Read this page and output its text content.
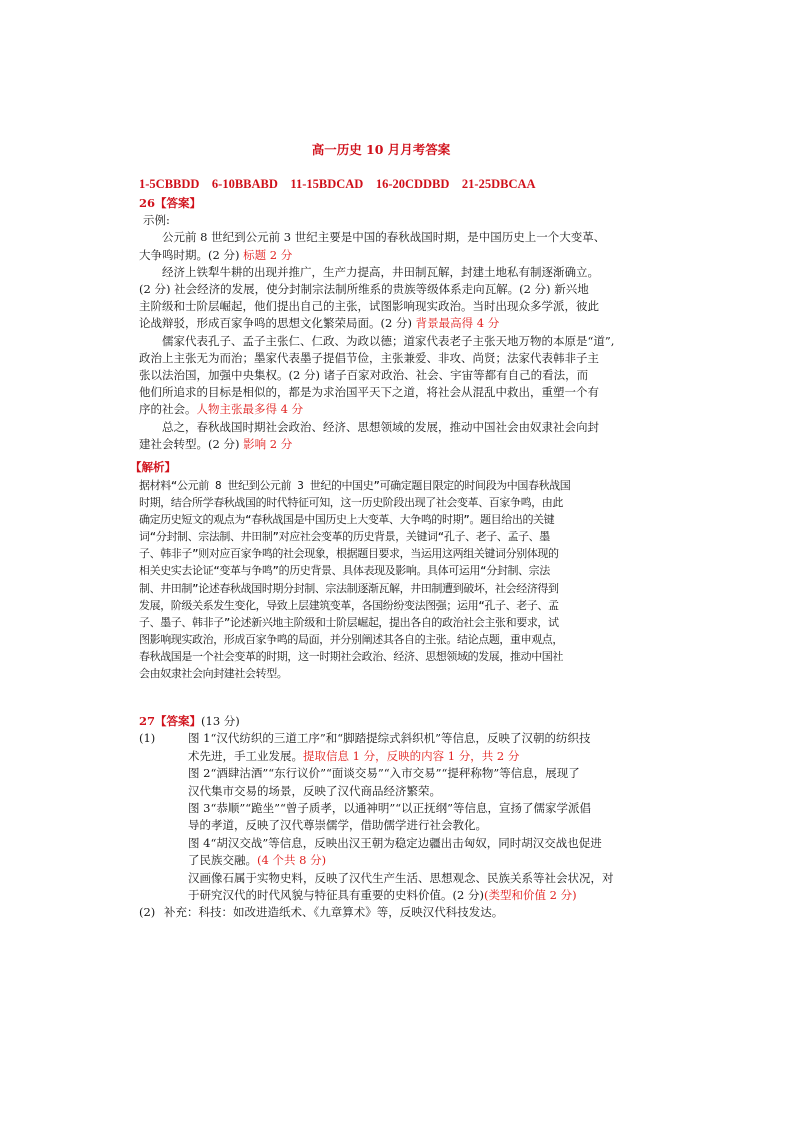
高一历史 10 月月考答案
1-5CBBDD    6-10BBABD    11-15BDCAD    16-20CDDBD    21-25DBCAA
26【答案】
示例:
公元前 8 世纪到公元前 3 世纪主要是中国的春秋战国时期，是中国历史上一个大变革、
大争鸣时期。(2 分) 标题 2 分
经济上铁犁牛耕的出现并推广，生产力提高，井田制瓦解，封建土地私有制逐渐确立。
(2 分) 社会经济的发展，使分封制宗法制所维系的贵族等级体系走向瓦解。(2 分) 新兴地
主阶级和士阶层崛起，他们提出自己的主张，试图影响现实政治。当时出现众多学派，彼此
论战辩驳，形成百家争鸣的思想文化繁荣局面。(2 分) 背景最高得 4 分
儒家代表孔子、孟子主张仁、仁政、为政以德；道家代表老子主张天地万物的本原是“道”,
政治上主张无为而治；墨家代表墨子提倡节俭，主张兼爱、非攻、尚贤；法家代表韩非子主
张以法治国，加强中央集权。(2 分) 诸子百家对政治、社会、宇宙等都有自己的看法，而
他们所追求的目标是相似的，都是为求治国平天下之道，将社会从混乱中救出，重塑一个有
序的社会。人物主张最多得 4 分
总之，春秋战国时期社会政治、经济、思想领域的发展，推动中国社会由奴隶社会向封
建社会转型。(2 分) 影响 2 分
【解析】
据材料“公元前 8 世纪到公元前 3 世纪的中国史”可确定题目限定的时间段为中国春秋战国
时期，结合所学春秋战国的时代特征可知，这一历史阶段出现了社会变革、百家争鸣，由此
确定历史短文的观点为“春秋战国是中国历史上大变革、大争鸣的时期”。题目给出的关键
词“分封制、宗法制、井田制”对应社会变革的历史背景，关键词“孔子、老子、孟子、墨
子、韩非子”则对应百家争鸣的社会现象，根据题目要求，当运用这两组关键词分别体现的
相关史实去论证“变革与争鸣”的历史背景、具体表现及影响。具体可运用“分封制、宗法
制、井田制”论述春秋战国时期分封制、宗法制逐渐瓦解，井田制遭到破坏，社会经济得到
发展，阶级关系发生变化，导致上层建筑变革，各国纷纷变法图强；运用“孔子、老子、孟
子、墨子、韩非子”论述新兴地主阶级和士阶层崛起，提出各自的政治社会主张和要求，试
图影响现实政治，形成百家争鸣的局面，并分别阐述其各自的主张。结论点题，重申观点，
春秋战国是一个社会变革的时期，这一时期社会政治、经济、思想领域的发展，推动中国社
会由奴隶社会向封建社会转型。
27【答案】(13 分)
(1)	图 1“汉代纺织的三道工序”和“脚踏提综式斜织机”等信息，反映了汉朝的纺织技
术先进，手工业发展。提取信息 1 分，反映的内容 1 分，共 2 分
图 2“酒肆沽酒”“东行议价”“面谈交易”“入市交易”“提秤称物”等信息，展现了
汉代集市交易的场景，反映了汉代商品经济繁荣。
图 3“恭顺”“跪坐”“曾子质孝，以通神明”“以正抚纲”等信息，宣扬了儒家学派倡
导的孝道，反映了汉代尊崇儒学，借助儒学进行社会教化。
图 4“胡汉交战”等信息，反映出汉王朝为稳定边疆出击匈奴，同时胡汉交战也促进
了民族交融。(4 个共 8 分)
汉画像石属于实物史料，反映了汉代生产生活、思想观念、民族关系等社会状况，对
于研究汉代的时代风貌与特征具有重要的史料价值。(2 分)(类型和价值 2 分)
(2) 补充：科技：如改进造纸术、《九章算术》等，反映汉代科技发达。
